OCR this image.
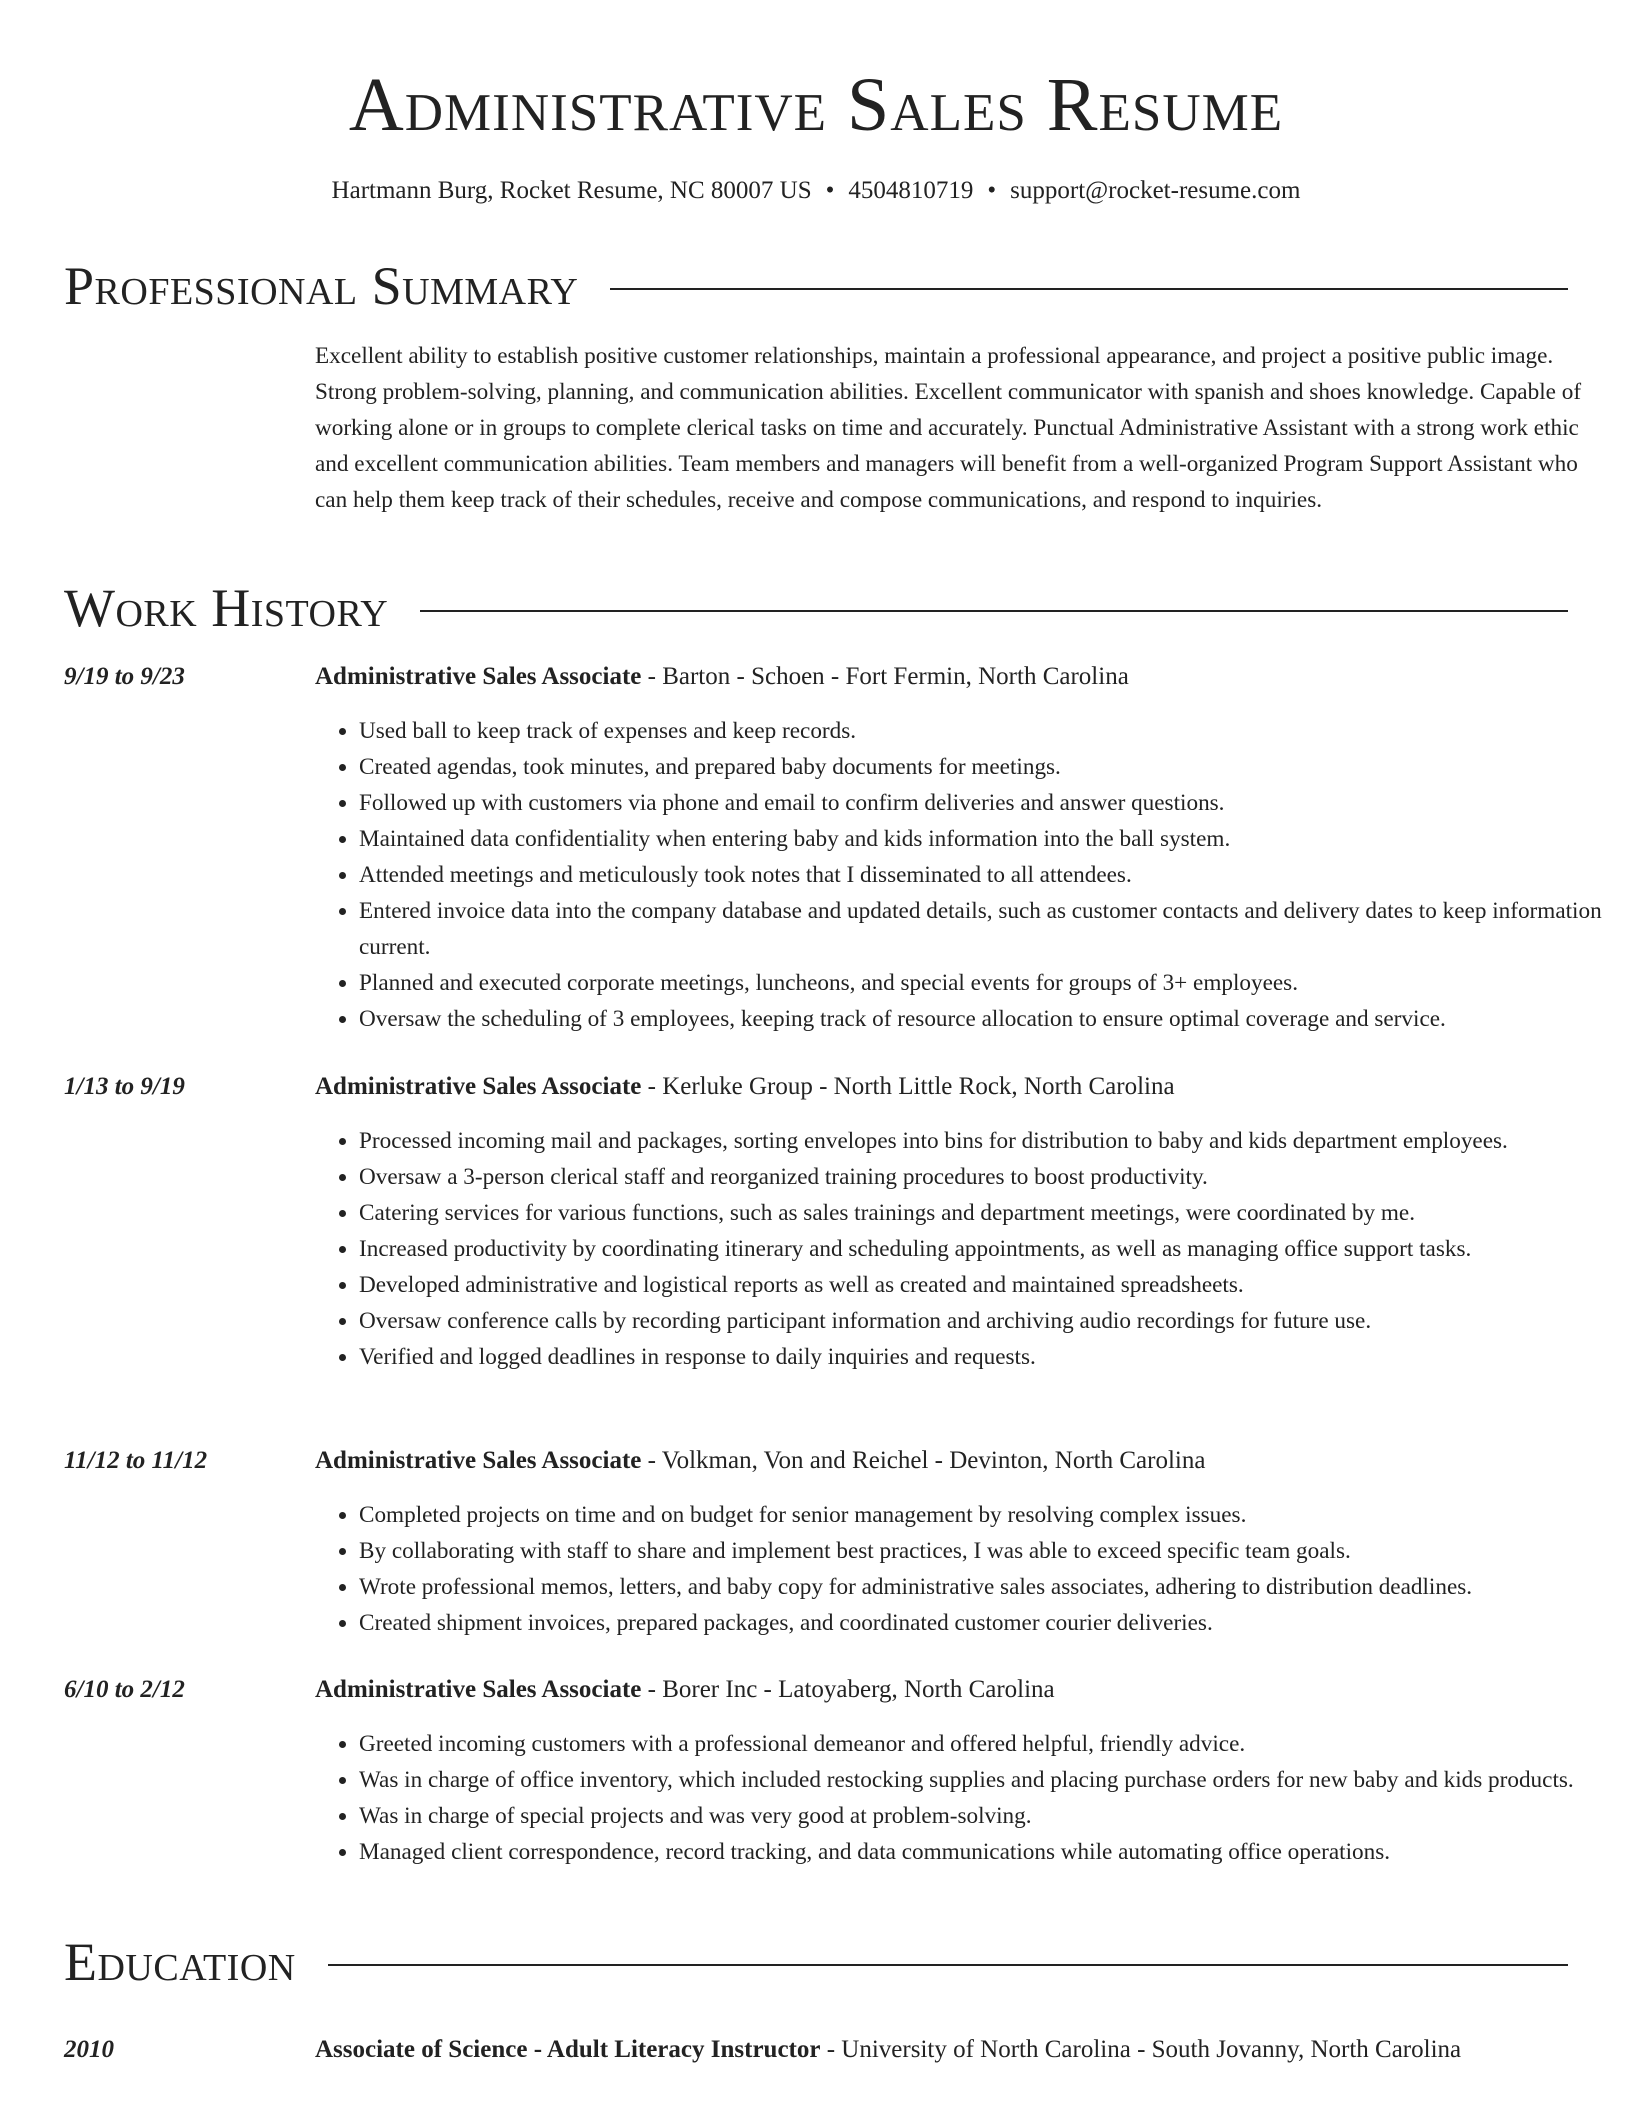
Administrative Sales Resume
Hartmann Burg, Rocket Resume, NC 80007 US • 4504810719 • support@rocket-resume.com
Professional Summary

Excellent ability to establish positive customer relationships, maintain a professional appearance, and project a positive public image. Strong problem-solving, planning, and communication abilities. Excellent communicator with spanish and shoes knowledge. Capable of working alone or in groups to complete clerical tasks on time and accurately. Punctual Administrative Assistant with a strong work ethic and excellent communication abilities. Team members and managers will benefit from a well-organized Program Support Assistant who can help them keep track of their schedules, receive and compose communications, and respond to inquiries.

Work History
9/19 to 9/23	Administrative Sales Associate - Barton - Schoen - Fort Fermin, North Carolina
• Used ball to keep track of expenses and keep records.
• Created agendas, took minutes, and prepared baby documents for meetings.
• Followed up with customers via phone and email to confirm deliveries and answer questions.
• Maintained data confidentiality when entering baby and kids information into the ball system.
• Attended meetings and meticulously took notes that I disseminated to all attendees.
• Entered invoice data into the company database and updated details, such as customer contacts and delivery dates to keep information current.
• Planned and executed corporate meetings, luncheons, and special events for groups of 3+ employees.
• Oversaw the scheduling of 3 employees, keeping track of resource allocation to ensure optimal coverage and service.
1/13 to 9/19	Administrative Sales Associate - Kerluke Group - North Little Rock, North Carolina
• Processed incoming mail and packages, sorting envelopes into bins for distribution to baby and kids department employees.
• Oversaw a 3-person clerical staff and reorganized training procedures to boost productivity.
• Catering services for various functions, such as sales trainings and department meetings, were coordinated by me.
• Increased productivity by coordinating itinerary and scheduling appointments, as well as managing office support tasks.
• Developed administrative and logistical reports as well as created and maintained spreadsheets.
• Oversaw conference calls by recording participant information and archiving audio recordings for future use.
• Verified and logged deadlines in response to daily inquiries and requests.
11/12 to 11/12	Administrative Sales Associate - Volkman, Von and Reichel - Devinton, North Carolina
• Completed projects on time and on budget for senior management by resolving complex issues.
• By collaborating with staff to share and implement best practices, I was able to exceed specific team goals.
• Wrote professional memos, letters, and baby copy for administrative sales associates, adhering to distribution deadlines.
• Created shipment invoices, prepared packages, and coordinated customer courier deliveries.
6/10 to 2/12	Administrative Sales Associate - Borer Inc - Latoyaberg, North Carolina
• Greeted incoming customers with a professional demeanor and offered helpful, friendly advice.
• Was in charge of office inventory, which included restocking supplies and placing purchase orders for new baby and kids products.
• Was in charge of special projects and was very good at problem-solving.
• Managed client correspondence, record tracking, and data communications while automating office operations.
Education
2010	Associate of Science - Adult Literacy Instructor - University of North Carolina - South Jovanny, North Carolina
